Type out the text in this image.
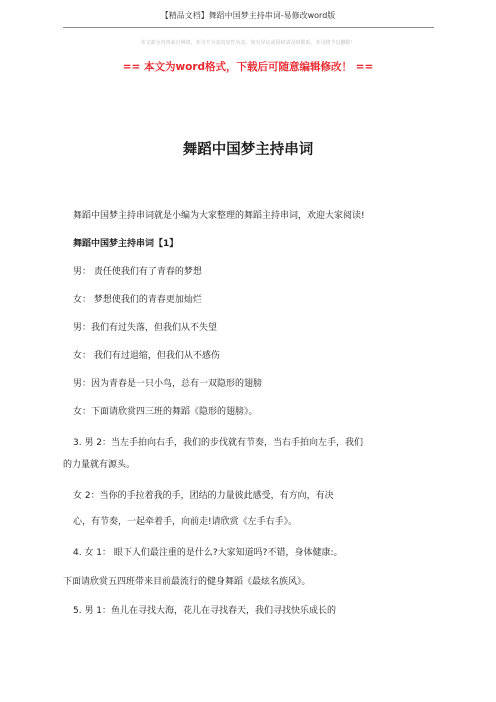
【精品文档】舞蹈中国梦主持串词-易修改word版
本文部分内容来自网络，本司不为其真实性负责，如有异议或侵权请及时联系，本司将予以删除！
== 本文为word格式，下载后可随意编辑修改！ ==
舞蹈中国梦主持串词
舞蹈中国梦主持串词就是小编为大家整理的舞蹈主持串词，欢迎大家阅读!
舞蹈中国梦主持串词【1】
男： 责任使我们有了青春的梦想
女： 梦想使我们的青春更加灿烂
男：我们有过失落，但我们从不失望
女： 我们有过退缩，但我们从不感伤
男：因为青春是一只小鸟，总有一双隐形的翅膀
女：下面请欣赏四三班的舞蹈《隐形的翅膀》。
3. 男 2：当左手拍向右手，我们的步伐就有节奏，当右手拍向左手，我们
的力量就有源头。
女 2：当你的手拉着我的手，团结的力量彼此感受，有方向，有决
心，有节奏，一起牵着手，向前走!请欣赏《左手右手》。
4. 女 1： 眼下人们最注重的是什么?大家知道吗?不错，身体健康:。
下面请欣赏五四班带来目前最流行的健身舞蹈《最炫名族风》。
5. 男 1：鱼儿在寻找大海，花儿在寻找春天，我们寻找快乐成长的
